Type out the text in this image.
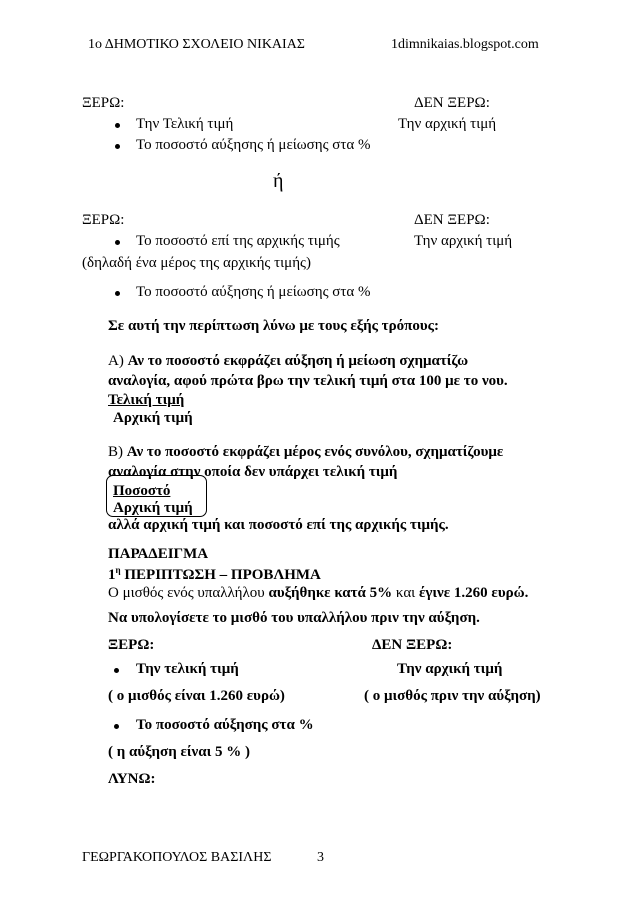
1ο ΔΗΜΟΤΙΚΟ ΣΧΟΛΕΙΟ ΝΙΚΑΙΑΣ	1dimnikaias.blogspot.com
ΞΕΡΩ:	ΔΕΝ ΞΕΡΩ:
Την Τελική τιμή	Την αρχική τιμή
Το ποσοστό αύξησης ή μείωσης στα %
ή
ΞΕΡΩ:	ΔΕΝ ΞΕΡΩ:
Το ποσοστό επί της αρχικής τιμής	Την αρχική τιμή
(δηλαδή ένα μέρος της αρχικής τιμής)
Το ποσοστό αύξησης ή μείωσης στα %
Σε αυτή την περίπτωση λύνω με τους εξής τρόπους:
Α) Αν το ποσοστό εκφράζει αύξηση ή μείωση σχηματίζω
αναλογία, αφού πρώτα βρω την τελική τιμή στα 100 με το νου.
Τελική τιμή
Αρχική τιμή
Β) Αν το ποσοστό εκφράζει μέρος ενός συνόλου, σχηματίζουμε
αναλογία στην οποία δεν υπάρχει τελική τιμή
Ποσοστό
Αρχική τιμή
αλλά αρχική τιμή και ποσοστό επί της αρχικής τιμής.
ΠΑΡΑΔΕΙΓΜΑ
$1^\eta$ ΠΕΡΙΠΤΩΣΗ – ΠΡΟΒΛΗΜΑ
Ο μισθός ενός υπαλλήλου αυξήθηκε κατά 5% και έγινε 1.260 ευρώ.
Να υπολογίσετε το μισθό του υπαλλήλου πριν την αύξηση.
ΞΕΡΩ:	ΔΕΝ ΞΕΡΩ:
Την τελική τιμή	Την αρχική τιμή
( ο μισθός είναι 1.260 ευρώ)	( ο μισθός πριν την αύξηση)
Το ποσοστό αύξησης στα %
( η αύξηση είναι 5 % )
ΛΥΝΩ:
ΓΕΩΡΓΑΚΟΠΟΥΛΟΣ ΒΑΣΙΛΗΣ	3
